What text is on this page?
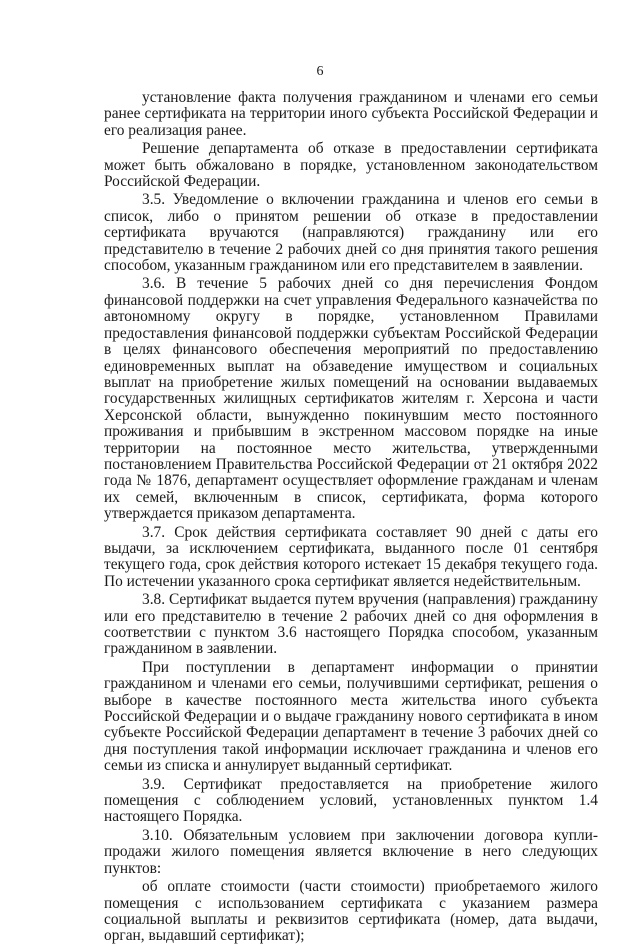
6

установление факта получения гражданином и членами его семьи ранее сертификата на территории иного субъекта Российской Федерации и его реализация ранее.

Решение департамента об отказе в предоставлении сертификата может быть обжаловано в порядке, установленном законодательством Российской Федерации.

3.5. Уведомление о включении гражданина и членов его семьи в список, либо о принятом решении об отказе в предоставлении сертификата вручаются (направляются) гражданину или его представителю в течение 2 рабочих дней со дня принятия такого решения способом, указанным гражданином или его представителем в заявлении.

3.6. В течение 5 рабочих дней со дня перечисления Фондом финансовой поддержки на счет управления Федерального казначейства по автономному округу в порядке, установленном Правилами предоставления финансовой поддержки субъектам Российской Федерации в целях финансового обеспечения мероприятий по предоставлению единовременных выплат на обзаведение имуществом и социальных выплат на приобретение жилых помещений на основании выдаваемых государственных жилищных сертификатов жителям г. Херсона и части Херсонской области, вынужденно покинувшим место постоянного проживания и прибывшим в экстренном массовом порядке на иные территории на постоянное место жительства, утвержденными постановлением Правительства Российской Федерации от 21 октября 2022 года № 1876, департамент осуществляет оформление гражданам и членам их семей, включенным в список, сертификата, форма которого утверждается приказом департамента.

3.7. Срок действия сертификата составляет 90 дней с даты его выдачи, за исключением сертификата, выданного после 01 сентября текущего года, срок действия которого истекает 15 декабря текущего года. По истечении указанного срока сертификат является недействительным.

3.8. Сертификат выдается путем вручения (направления) гражданину или его представителю в течение 2 рабочих дней со дня оформления в соответствии с пунктом 3.6 настоящего Порядка способом, указанным гражданином в заявлении.

При поступлении в департамент информации о принятии гражданином и членами его семьи, получившими сертификат, решения о выборе в качестве постоянного места жительства иного субъекта Российской Федерации и о выдаче гражданину нового сертификата в ином субъекте Российской Федерации департамент в течение 3 рабочих дней со дня поступления такой информации исключает гражданина и членов его семьи из списка и аннулирует выданный сертификат.

3.9. Сертификат предоставляется на приобретение жилого помещения с соблюдением условий, установленных пунктом 1.4 настоящего Порядка.

3.10. Обязательным условием при заключении договора купли-продажи жилого помещения является включение в него следующих пунктов:

об оплате стоимости (части стоимости) приобретаемого жилого помещения с использованием сертификата с указанием размера социальной выплаты и реквизитов сертификата (номер, дата выдачи, орган, выдавший сертификат);
